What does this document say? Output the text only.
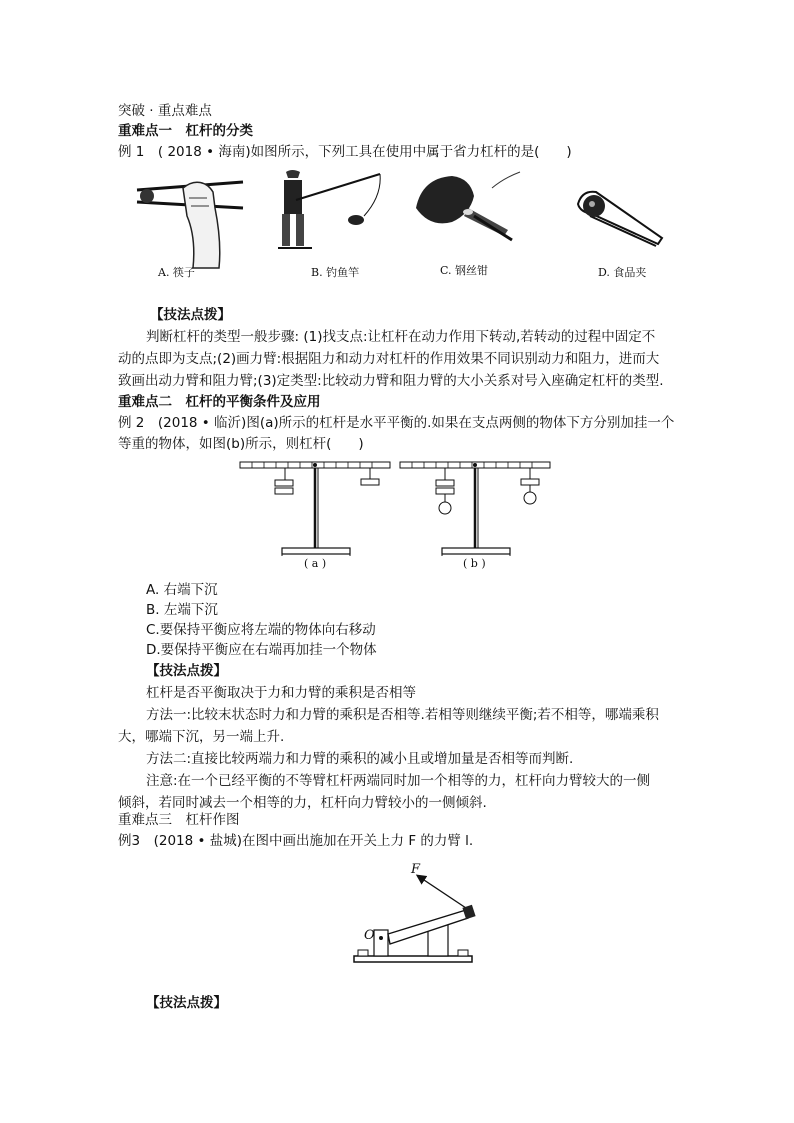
突破 · 重点难点
重难点一　杠杆的分类
例 1　( 2018 • 海南)如图所示，下列工具在使用中属于省力杠杆的是(　　)
A. 筷子	B. 钓鱼竿	C. 钢丝钳	D. 食品夹
【技法点拨】
判断杠杆的类型一般步骤: (1)找支点:让杠杆在动力作用下转动,若转动的过程中固定不
动的点即为支点;(2)画力臂:根据阻力和动力对杠杆的作用效果不同识别动力和阻力，进而大
致画出动力臂和阻力臂;(3)定类型:比较动力臂和阻力臂的大小关系对号入座确定杠杆的类型.
重难点二　杠杆的平衡条件及应用
例 2　(2018 • 临沂)图(a)所示的杠杆是水平平衡的.如果在支点两侧的物体下方分别加挂一个
等重的物体，如图(b)所示，则杠杆(　　)
( a )	( b )
A. 右端下沉
B. 左端下沉
C.要保持平衡应将左端的物体向右移动
D.要保持平衡应在右端再加挂一个物体
【技法点拨】
杠杆是否平衡取决于力和力臂的乘积是否相等
方法一:比较末状态时力和力臂的乘积是否相等.若相等则继续平衡;若不相等，哪端乘积
大，哪端下沉，另一端上升.
方法二:直接比较两端力和力臂的乘积的减小且或增加量是否相等而判断.
注意:在一个已经平衡的不等臂杠杆两端同时加一个相等的力，杠杆向力臂较大的一侧
倾斜，若同时减去一个相等的力，杠杆向力臂较小的一侧倾斜.
重难点三　杠杆作图
例3　(2018 • 盐城)在图中画出施加在开关上力 F 的力臂 l.
F
O
【技法点拨】
